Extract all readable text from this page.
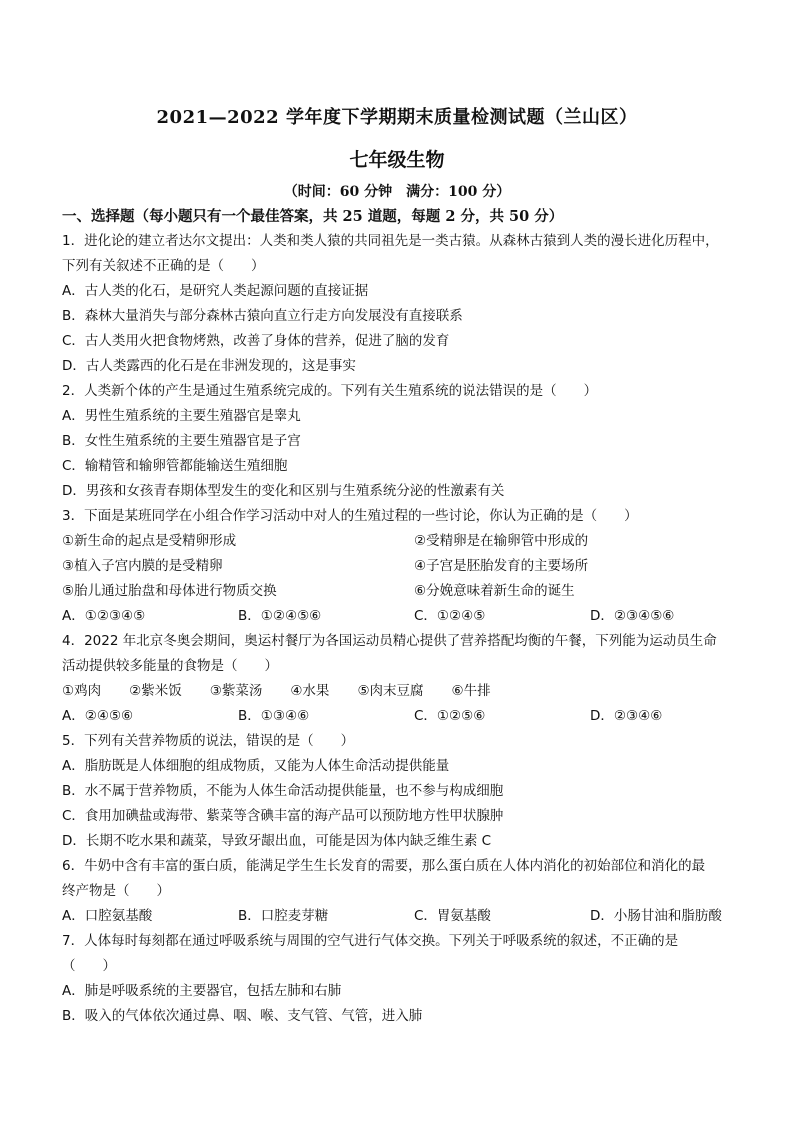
2021—2022 学年度下学期期末质量检测试题（兰山区）
七年级生物
（时间：60 分钟　满分：100 分）
一、选择题（每小题只有一个最佳答案，共 25 道题，每题 2 分，共 50 分）
1．进化论的建立者达尔文提出：人类和类人猿的共同祖先是一类古猿。从森林古猿到人类的漫长进化历程中，
下列有关叙述不正确的是（　　）
A．古人类的化石，是研究人类起源问题的直接证据
B．森林大量消失与部分森林古猿向直立行走方向发展没有直接联系
C．古人类用火把食物烤熟，改善了身体的营养，促进了脑的发育
D．古人类露西的化石是在非洲发现的，这是事实
2．人类新个体的产生是通过生殖系统完成的。下列有关生殖系统的说法错误的是（　　）
A．男性生殖系统的主要生殖器官是睾丸
B．女性生殖系统的主要生殖器官是子宫
C．输精管和输卵管都能输送生殖细胞
D．男孩和女孩青春期体型发生的变化和区别与生殖系统分泌的性激素有关
3．下面是某班同学在小组合作学习活动中对人的生殖过程的一些讨论，你认为正确的是（　　）
①新生命的起点是受精卵形成	②受精卵是在输卵管中形成的
③植入子宫内膜的是受精卵	④子宫是胚胎发育的主要场所
⑤胎儿通过胎盘和母体进行物质交换	⑥分娩意味着新生命的诞生
A．①②③④⑤	B．①②④⑤⑥	C．①②④⑤	D．②③④⑤⑥
4．2022 年北京冬奥会期间，奥运村餐厅为各国运动员精心提供了营养搭配均衡的午餐，下列能为运动员生命
活动提供较多能量的食物是（　　）
①鸡肉 ②紫米饭 ③紫菜汤 ④水果 ⑤肉末豆腐 ⑥牛排
A．②④⑤⑥	B．①③④⑥	C．①②⑤⑥	D．②③④⑥
5．下列有关营养物质的说法，错误的是（　　）
A．脂肪既是人体细胞的组成物质，又能为人体生命活动提供能量
B．水不属于营养物质，不能为人体生命活动提供能量，也不参与构成细胞
C．食用加碘盐或海带、紫菜等含碘丰富的海产品可以预防地方性甲状腺肿
D．长期不吃水果和蔬菜，导致牙龈出血，可能是因为体内缺乏维生素 C
6．牛奶中含有丰富的蛋白质，能满足学生生长发育的需要，那么蛋白质在人体内消化的初始部位和消化的最
终产物是（　　）
A．口腔氨基酸	B．口腔麦芽糖	C．胃氨基酸	D．小肠甘油和脂肪酸
7．人体每时每刻都在通过呼吸系统与周围的空气进行气体交换。下列关于呼吸系统的叙述，不正确的是
（　　）
A．肺是呼吸系统的主要器官，包括左肺和右肺
B．吸入的气体依次通过鼻、咽、喉、支气管、气管，进入肺
